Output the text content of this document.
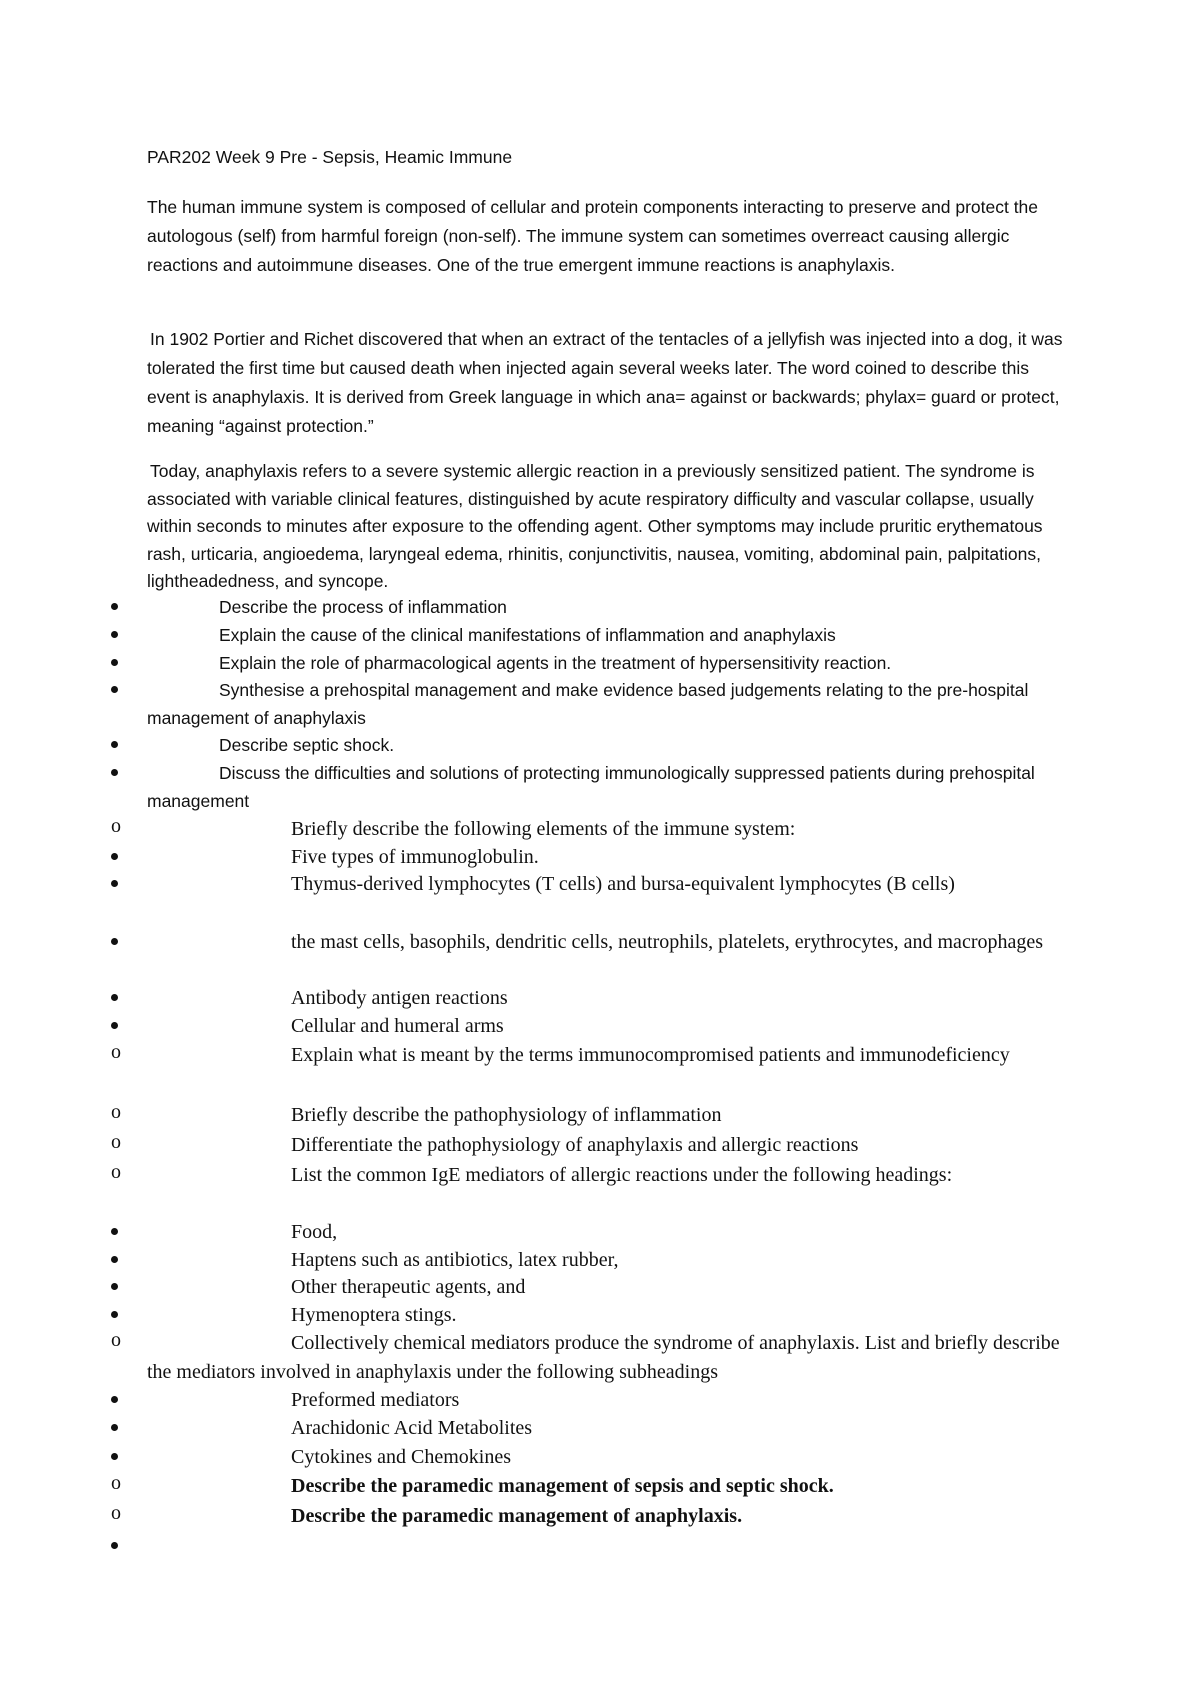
PAR202 Week 9 Pre - Sepsis, Heamic Immune
The human immune system is composed of cellular and protein components interacting to preserve and protect the autologous (self) from harmful foreign (non-self). The immune system can sometimes overreact causing allergic reactions and autoimmune diseases. One of the true emergent immune reactions is anaphylaxis.
In 1902 Portier and Richet discovered that when an extract of the tentacles of a jellyfish was injected into a dog, it was tolerated the first time but caused death when injected again several weeks later. The word coined to describe this event is anaphylaxis. It is derived from Greek language in which ana= against or backwards; phylax= guard or protect, meaning “against protection.”
Today, anaphylaxis refers to a severe systemic allergic reaction in a previously sensitized patient. The syndrome is associated with variable clinical features, distinguished by acute respiratory difficulty and vascular collapse, usually within seconds to minutes after exposure to the offending agent. Other symptoms may include pruritic erythematous rash, urticaria, angioedema, laryngeal edema, rhinitis, conjunctivitis, nausea, vomiting, abdominal pain, palpitations, lightheadedness, and syncope.
Describe the process of inflammation
Explain the cause of the clinical manifestations of inflammation and anaphylaxis
Explain the role of pharmacological agents in the treatment of hypersensitivity reaction.
Synthesise a prehospital management and make evidence based judgements relating to the pre-hospital management of anaphylaxis
Describe septic shock.
Discuss the difficulties and solutions of protecting immunologically suppressed patients during prehospital management
o	Briefly describe the following elements of the immune system:
Five types of immunoglobulin.
Thymus-derived lymphocytes (T cells) and bursa-equivalent lymphocytes (B cells)
the mast cells, basophils, dendritic cells, neutrophils, platelets, erythrocytes, and macrophages
Antibody antigen reactions
Cellular and humeral arms
o	Explain what is meant by the terms immunocompromised patients and immunodeficiency
o	Briefly describe the pathophysiology of inflammation
o	Differentiate the pathophysiology of anaphylaxis and allergic reactions
o	List the common IgE mediators of allergic reactions under the following headings:
Food,
Haptens such as antibiotics, latex rubber,
Other therapeutic agents, and
Hymenoptera stings.
o	Collectively chemical mediators produce the syndrome of anaphylaxis. List and briefly describe the mediators involved in anaphylaxis under the following subheadings
Preformed mediators
Arachidonic Acid Metabolites
Cytokines and Chemokines
o	Describe the paramedic management of sepsis and septic shock.
o	Describe the paramedic management of anaphylaxis.
